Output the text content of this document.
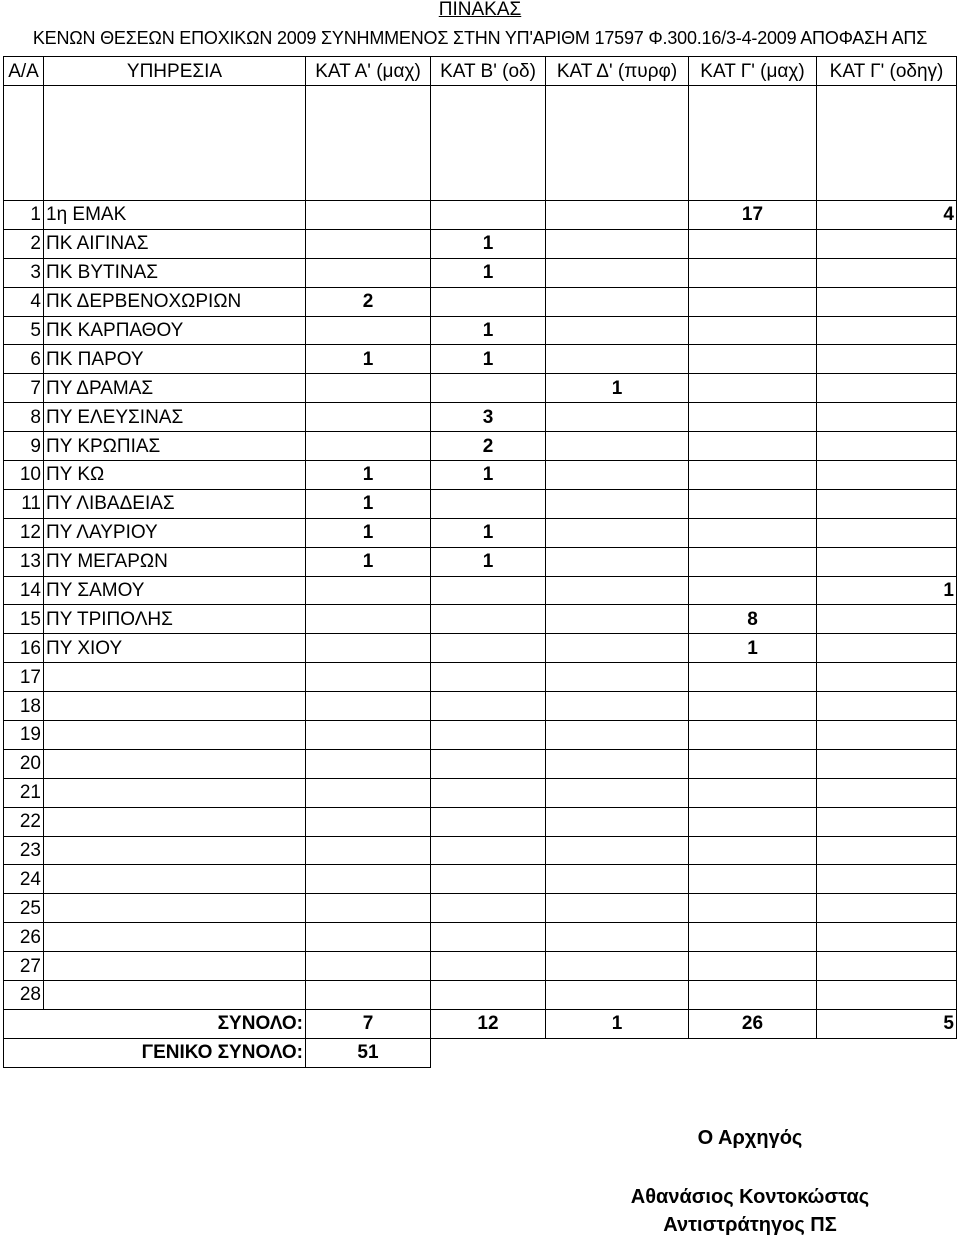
ΠΙΝΑΚΑΣ
ΚΕΝΩΝ ΘΕΣΕΩΝ ΕΠΟΧΙΚΩΝ 2009 ΣΥΝΗΜΜΕΝΟΣ ΣΤΗΝ ΥΠ'ΑΡΙΘΜ 17597 Φ.300.16/3-4-2009 ΑΠΟΦΑΣΗ ΑΠΣ
Α/Α	ΥΠΗΡΕΣΙΑ	ΚΑΤ Α' (μαχ)	ΚΑΤ Β' (οδ)	ΚΑΤ Δ' (πυρφ)	ΚΑΤ Γ' (μαχ)	ΚΑΤ Γ' (οδηγ)

1	1η ΕΜΑΚ				17	4
2	ΠΚ ΑΙΓΙΝΑΣ		1			
3	ΠΚ ΒΥΤΙΝΑΣ		1			
4	ΠΚ ΔΕΡΒΕΝΟΧΩΡΙΩΝ	2				
5	ΠΚ ΚΑΡΠΑΘΟΥ		1			
6	ΠΚ ΠΑΡΟΥ	1	1			
7	ΠΥ ΔΡΑΜΑΣ			1		
8	ΠΥ ΕΛΕΥΣΙΝΑΣ		3			
9	ΠΥ ΚΡΩΠΙΑΣ		2			
10	ΠΥ ΚΩ	1	1			
11	ΠΥ ΛΙΒΑΔΕΙΑΣ	1				
12	ΠΥ ΛΑΥΡΙΟΥ	1	1			
13	ΠΥ ΜΕΓΑΡΩΝ	1	1			
14	ΠΥ ΣΑΜΟΥ					1
15	ΠΥ ΤΡΙΠΟΛΗΣ				8	
16	ΠΥ ΧΙΟΥ				1	
17						
18						
19						
20						
21						
22						
23						
24						
25						
26						
27						
28						
ΣΥΝΟΛΟ:		7	12	1	26	5
ΓΕΝΙΚΟ ΣΥΝΟΛΟ:		51				
Ο Αρχηγός
Αθανάσιος Κοντοκώστας
Αντιστράτηγος ΠΣ
